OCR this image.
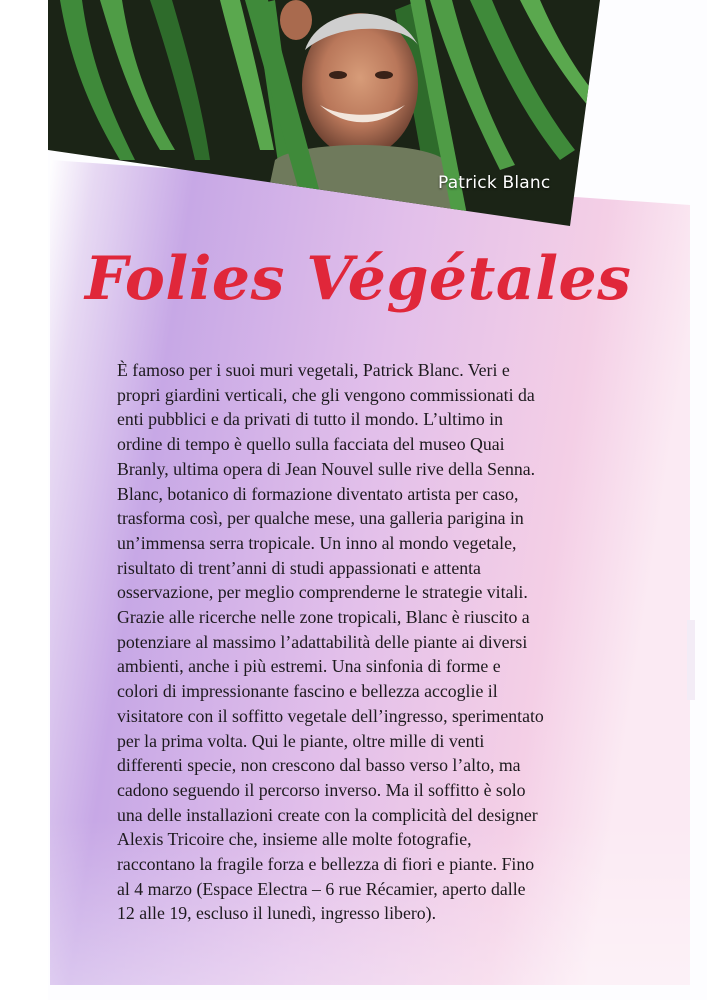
Patrick Blanc
Folies Végétales

È famoso per i suoi muri vegetali, Patrick Blanc. Veri e
propri giardini verticali, che gli vengono commissionati da
enti pubblici e da privati di tutto il mondo. L’ultimo in
ordine di tempo è quello sulla facciata del museo Quai
Branly, ultima opera di Jean Nouvel sulle rive della Senna.
Blanc, botanico di formazione diventato artista per caso,
trasforma così, per qualche mese, una galleria parigina in
un’immensa serra tropicale. Un inno al mondo vegetale,
risultato di trent’anni di studi appassionati e attenta
osservazione, per meglio comprenderne le strategie vitali.
Grazie alle ricerche nelle zone tropicali, Blanc è riuscito a
potenziare al massimo l’adattabilità delle piante ai diversi
ambienti, anche i più estremi. Una sinfonia di forme e
colori di impressionante fascino e bellezza accoglie il
visitatore con il soffitto vegetale dell’ingresso, sperimentato
per la prima volta. Qui le piante, oltre mille di venti
differenti specie, non crescono dal basso verso l’alto, ma
cadono seguendo il percorso inverso. Ma il soffitto è solo
una delle installazioni create con la complicità del designer
Alexis Tricoire che, insieme alle molte fotografie,
raccontano la fragile forza e bellezza di fiori e piante. Fino
al 4 marzo (Espace Electra – 6 rue Récamier, aperto dalle
12 alle 19, escluso il lunedì, ingresso libero).
